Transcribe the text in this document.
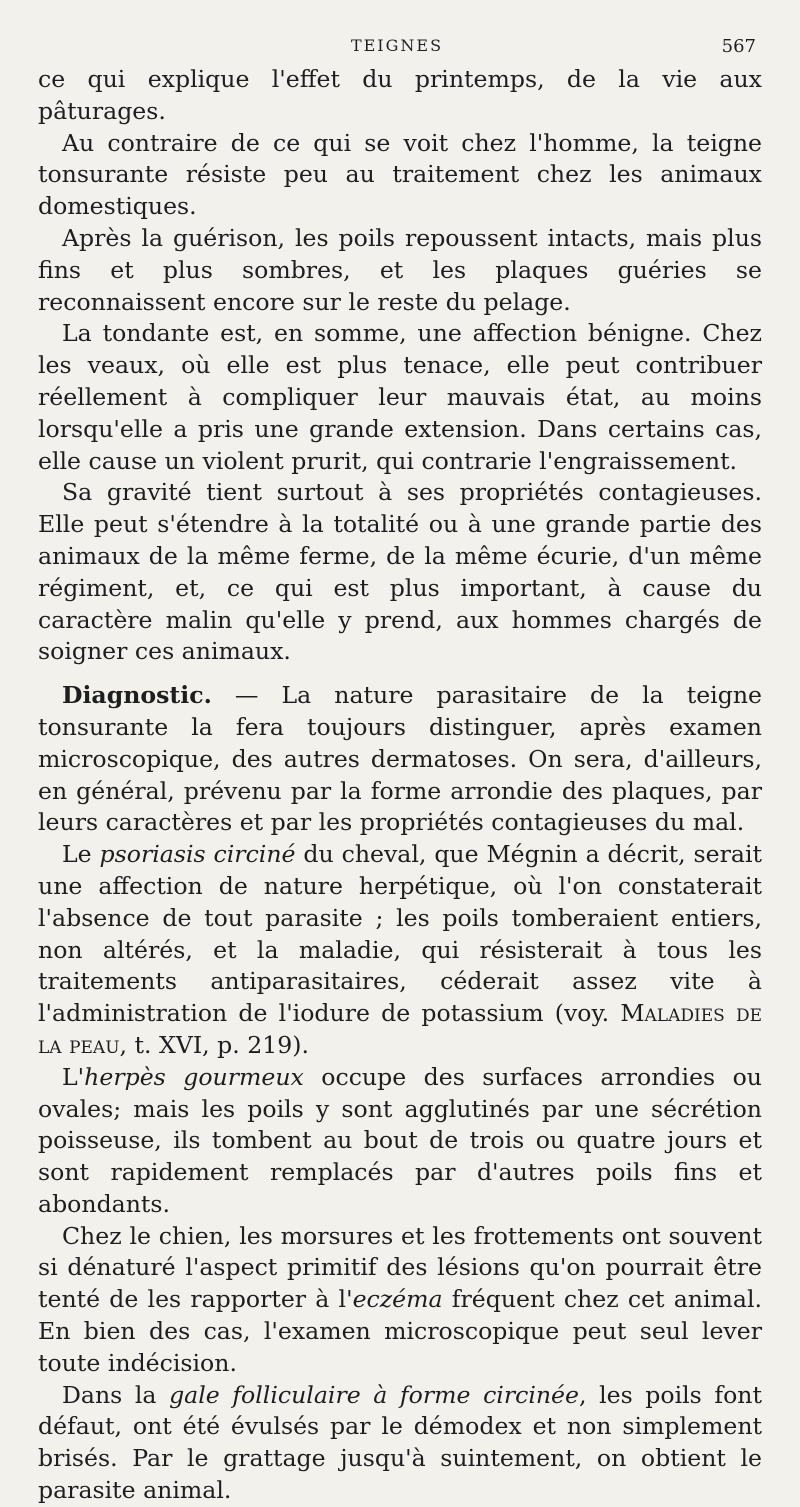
TEIGNES	567

ce qui explique l'effet du printemps, de la vie aux pâturages.

Au contraire de ce qui se voit chez l'homme, la teigne tonsurante résiste peu au traitement chez les animaux domestiques.

Après la guérison, les poils repoussent intacts, mais plus fins et plus sombres, et les plaques guéries se reconnaissent encore sur le reste du pelage.

La tondante est, en somme, une affection bénigne. Chez les veaux, où elle est plus tenace, elle peut contribuer réellement à compliquer leur mauvais état, au moins lorsqu'elle a pris une grande extension. Dans certains cas, elle cause un violent prurit, qui contrarie l'engraissement.

Sa gravité tient surtout à ses propriétés contagieuses. Elle peut s'étendre à la totalité ou à une grande partie des animaux de la même ferme, de la même écurie, d'un même régiment, et, ce qui est plus important, à cause du caractère malin qu'elle y prend, aux hommes chargés de soigner ces animaux.

Diagnostic. — La nature parasitaire de la teigne tonsurante la fera toujours distinguer, après examen microscopique, des autres dermatoses. On sera, d'ailleurs, en général, prévenu par la forme arrondie des plaques, par leurs caractères et par les propriétés contagieuses du mal.

Le psoriasis circiné du cheval, que Mégnin a décrit, serait une affection de nature herpétique, où l'on constaterait l'absence de tout parasite ; les poils tomberaient entiers, non altérés, et la maladie, qui résisterait à tous les traitements antiparasitaires, céderait assez vite à l'administration de l'iodure de potassium (voy. Maladies de la peau, t. XVI, p. 219).

L'herpès gourmeux occupe des surfaces arrondies ou ovales; mais les poils y sont agglutinés par une sécrétion poisseuse, ils tombent au bout de trois ou quatre jours et sont rapidement remplacés par d'autres poils fins et abondants.

Chez le chien, les morsures et les frottements ont souvent si dénaturé l'aspect primitif des lésions qu'on pourrait être tenté de les rapporter à l'eczéma fréquent chez cet animal. En bien des cas, l'examen microscopique peut seul lever toute indécision.

Dans la gale folliculaire à forme circinée, les poils font défaut, ont été évulsés par le démodex et non simplement brisés. Par le grattage jusqu'à suintement, on obtient le parasite animal.
